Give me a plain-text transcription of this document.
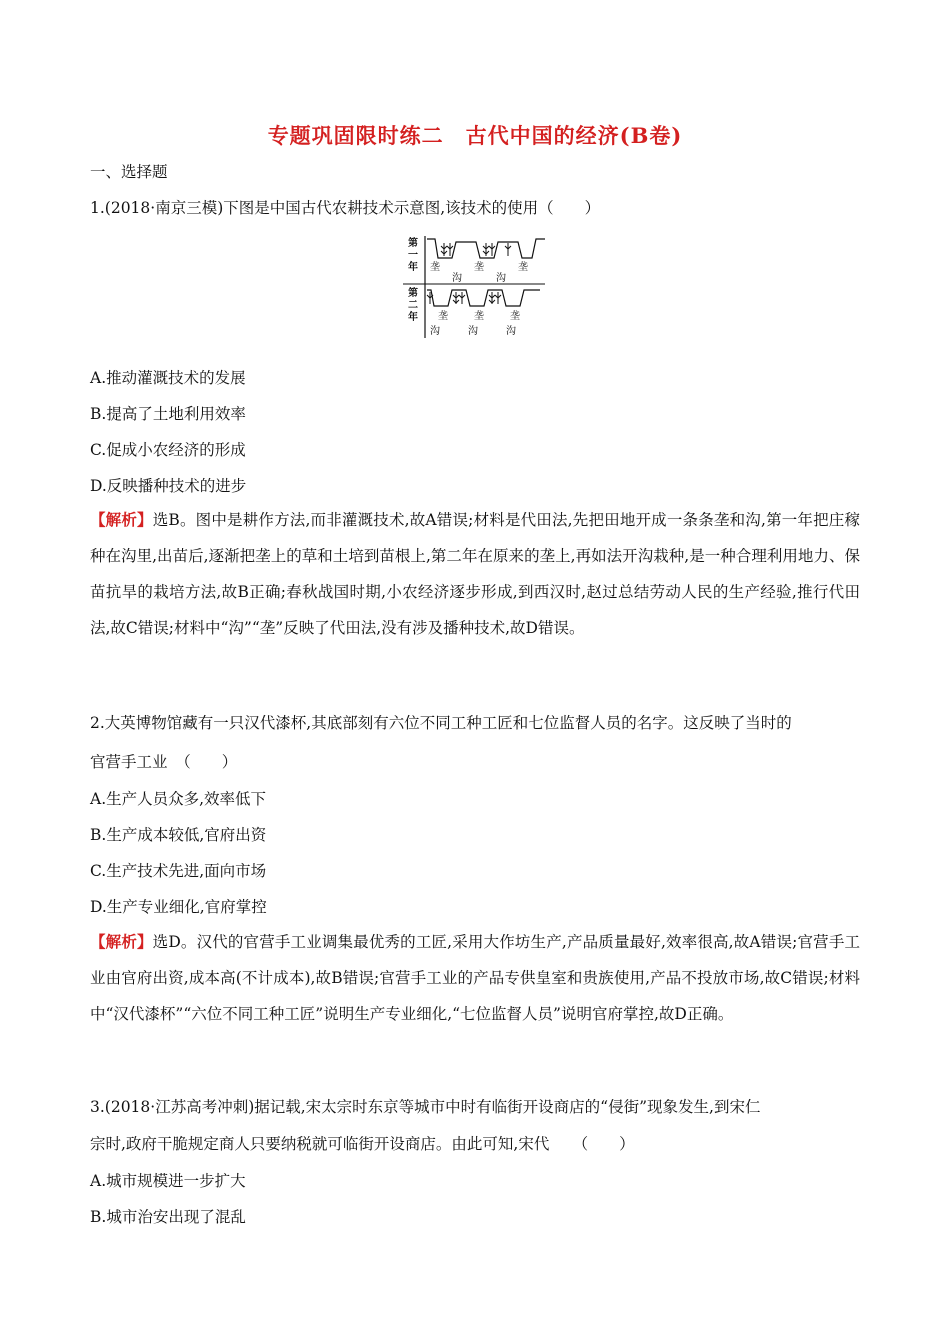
专题巩固限时练二　古代中国的经济(B卷)
一、选择题
1.(2018·南京三模)下图是中国古代农耕技术示意图,该技术的使用（　　）
第一年
第二年
垄	垄	垄
沟	沟
垄	垄	垄
沟	沟	沟
A.推动灌溉技术的发展
B.提高了土地利用效率
C.促成小农经济的形成
D.反映播种技术的进步
【解析】选B。图中是耕作方法,而非灌溉技术,故A错误;材料是代田法,先把田地开成一条条垄和沟,第一年把庄稼种在沟里,出苗后,逐渐把垄上的草和土培到苗根上,第二年在原来的垄上,再如法开沟栽种,是一种合理利用地力、保苗抗旱的栽培方法,故B正确;春秋战国时期,小农经济逐步形成,到西汉时,赵过总结劳动人民的生产经验,推行代田法,故C错误;材料中“沟”“垄”反映了代田法,没有涉及播种技术,故D错误。
2.大英博物馆藏有一只汉代漆杯,其底部刻有六位不同工种工匠和七位监督人员的名字。这反映了当时的
官营手工业　（　　）
A.生产人员众多,效率低下
B.生产成本较低,官府出资
C.生产技术先进,面向市场
D.生产专业细化,官府掌控
【解析】选D。汉代的官营手工业调集最优秀的工匠,采用大作坊生产,产品质量最好,效率很高,故A错误;官营手工业由官府出资,成本高(不计成本),故B错误;官营手工业的产品专供皇室和贵族使用,产品不投放市场,故C错误;材料中“汉代漆杯”“六位不同工种工匠”说明生产专业细化,“七位监督人员”说明官府掌控,故D正确。
3.(2018·江苏高考冲刺)据记载,宋太宗时东京等城市中时有临街开设商店的“侵街”现象发生,到宋仁
宗时,政府干脆规定商人只要纳税就可临街开设商店。由此可知,宋代　　（　　）
A.城市规模进一步扩大
B.城市治安出现了混乱
